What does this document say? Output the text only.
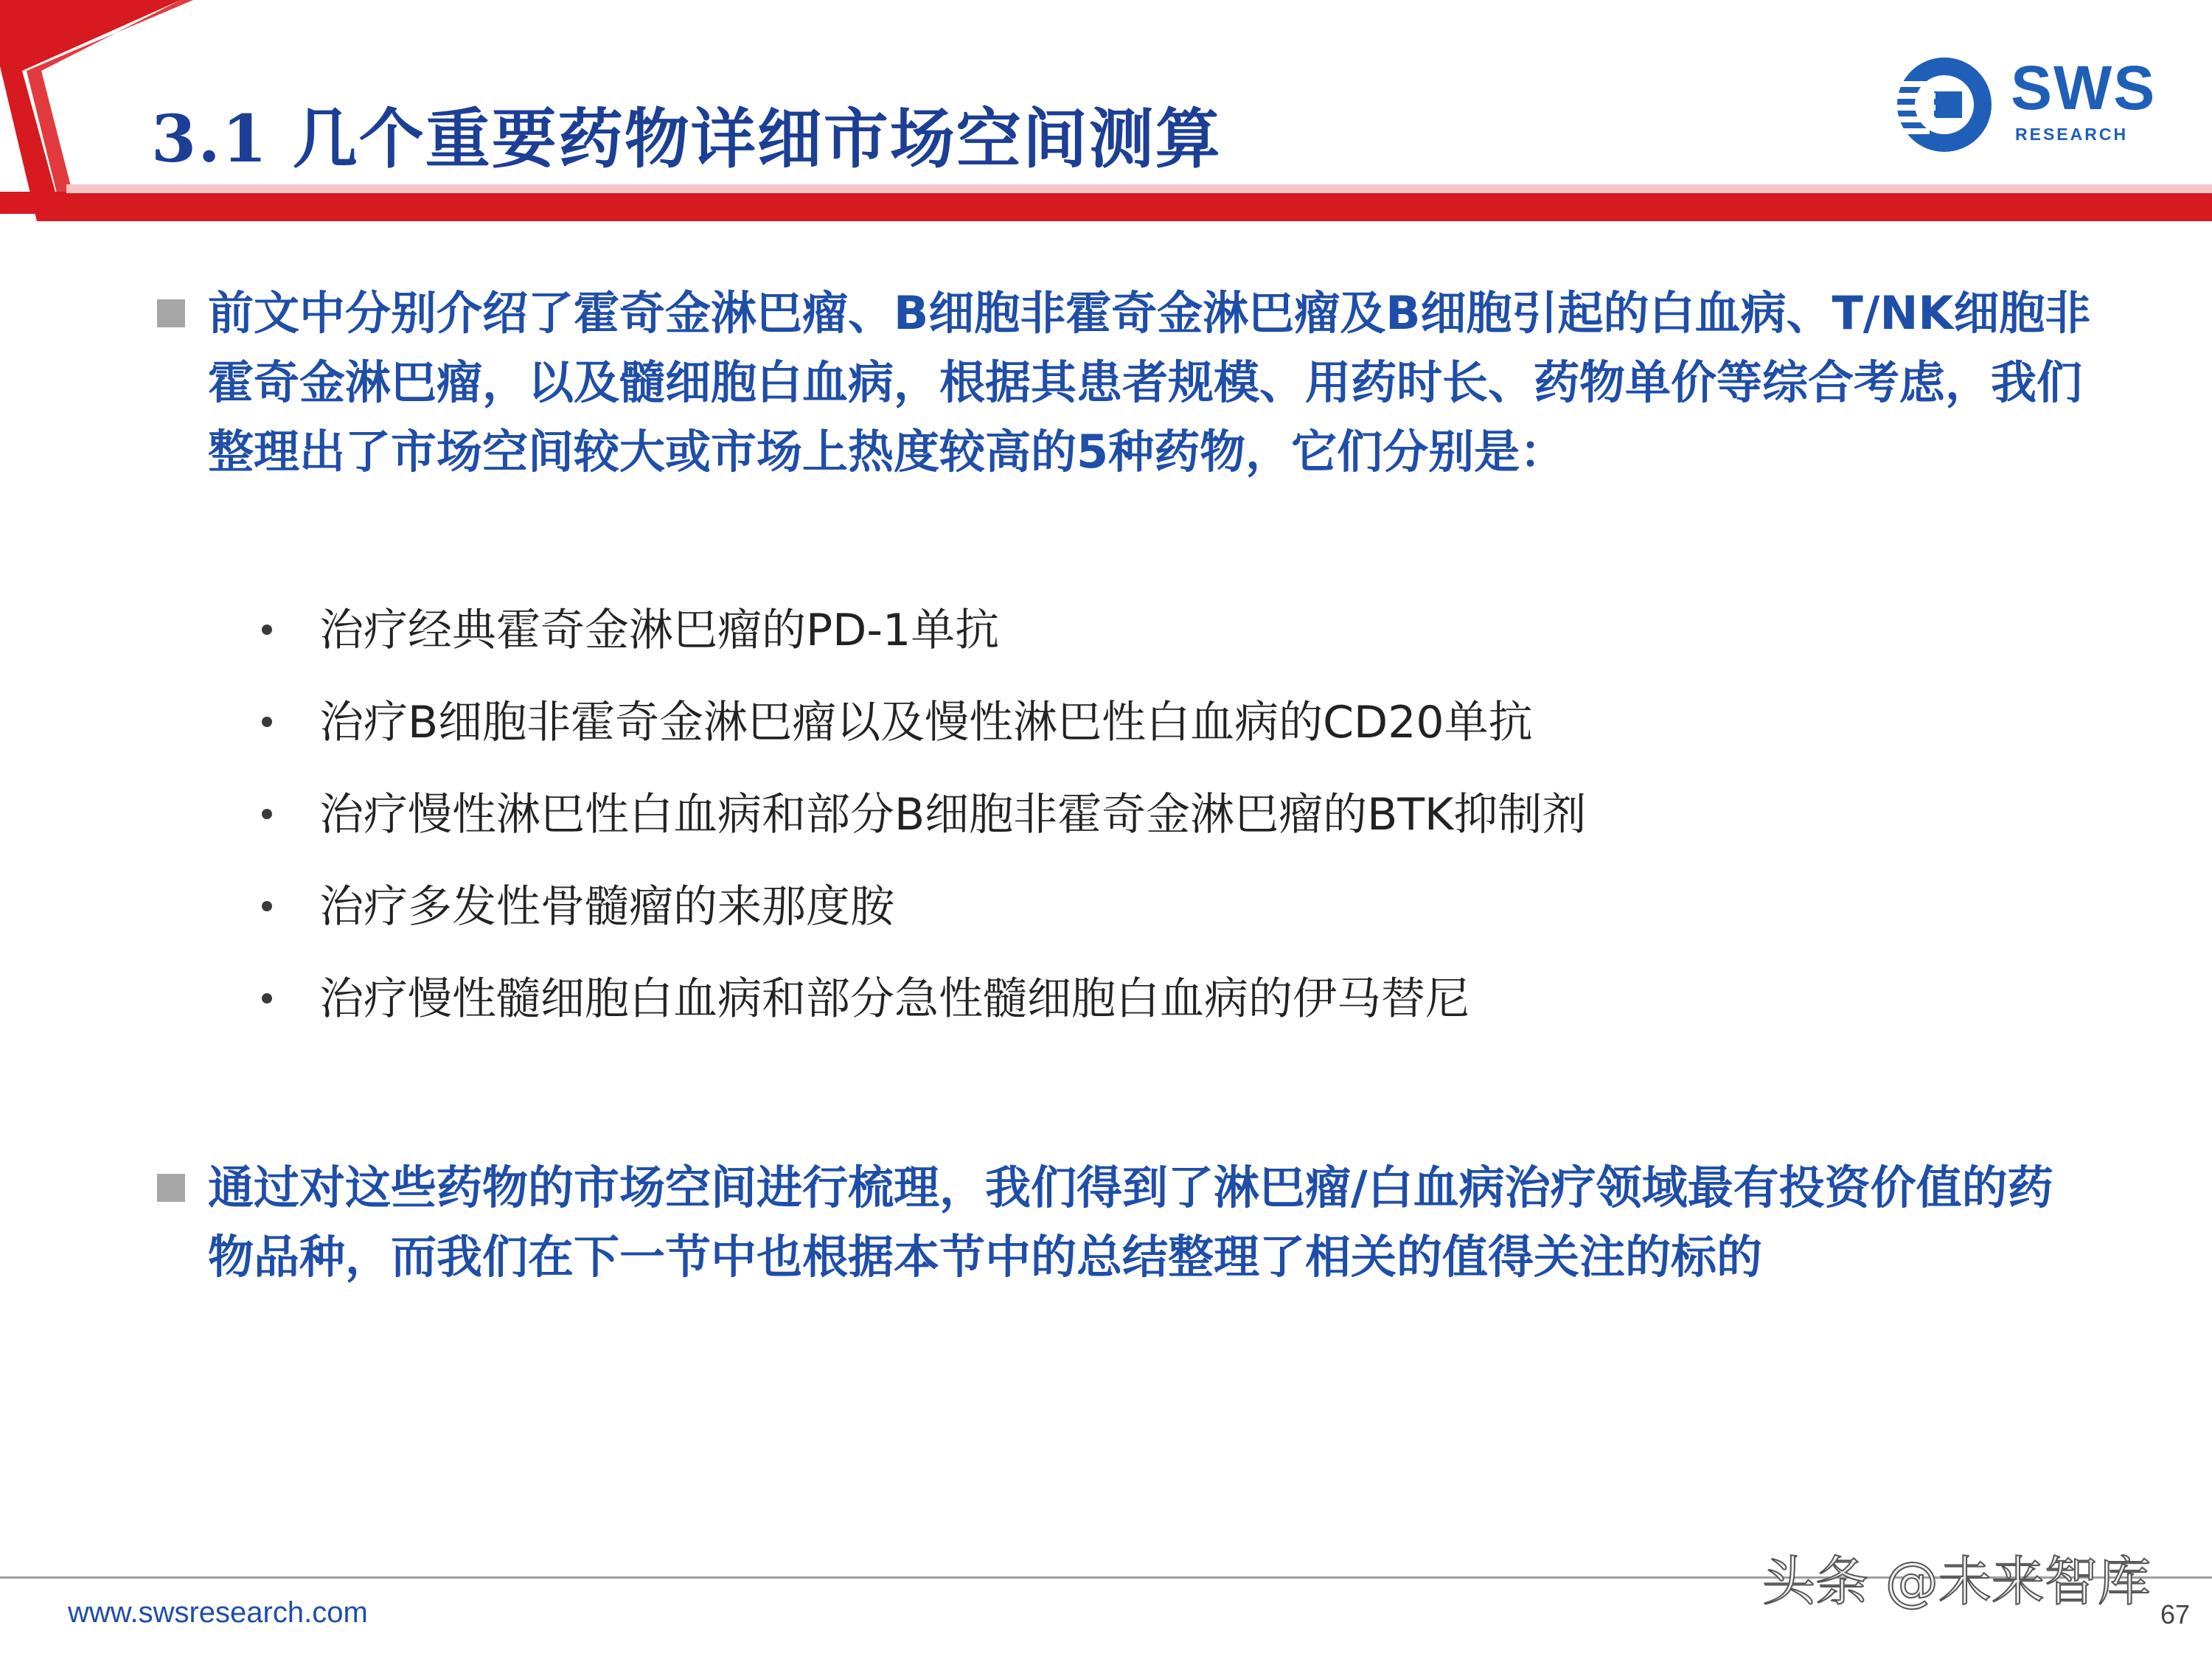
3.1 几个重要药物详细市场空间测算
SWS
RESEARCH
前文中分别介绍了霍奇金淋巴瘤、B细胞非霍奇金淋巴瘤及B细胞引起的白血病、T/NK细胞非霍奇金淋巴瘤，以及髓细胞白血病，根据其患者规模、用药时长、药物单价等综合考虑，我们整理出了市场空间较大或市场上热度较高的5种药物，它们分别是：
治疗经典霍奇金淋巴瘤的PD-1单抗
治疗B细胞非霍奇金淋巴瘤以及慢性淋巴性白血病的CD20单抗
治疗慢性淋巴性白血病和部分B细胞非霍奇金淋巴瘤的BTK抑制剂
治疗多发性骨髓瘤的来那度胺
治疗慢性髓细胞白血病和部分急性髓细胞白血病的伊马替尼
通过对这些药物的市场空间进行梳理，我们得到了淋巴瘤/白血病治疗领域最有投资价值的药物品种，而我们在下一节中也根据本节中的总结整理了相关的值得关注的标的
www.swsresearch.com	头条 @未来智库
67
